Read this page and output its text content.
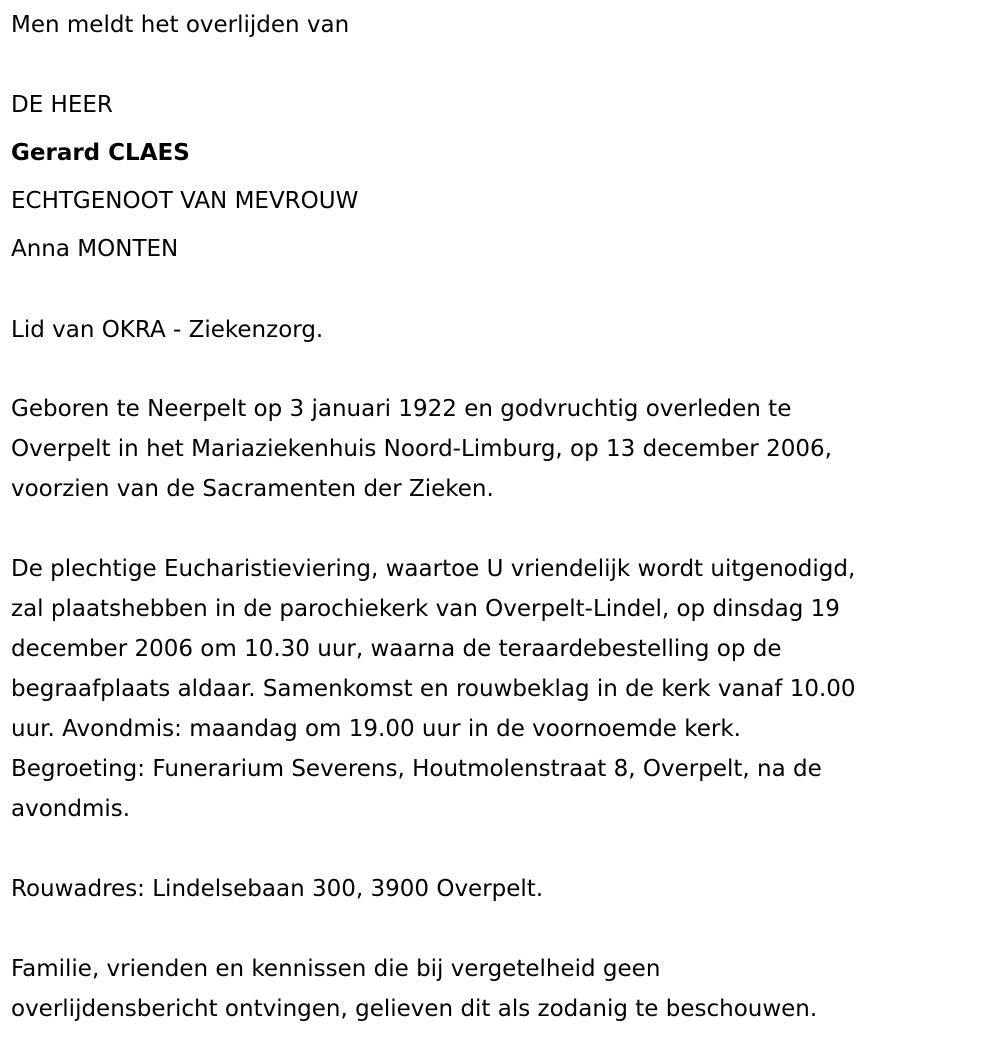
Men meldt het overlijden van
DE HEER
Gerard CLAES
ECHTGENOOT VAN MEVROUW
Anna MONTEN
Lid van OKRA - Ziekenzorg.
Geboren te Neerpelt op 3 januari 1922 en godvruchtig overleden te
Overpelt in het Mariaziekenhuis Noord-Limburg, op 13 december 2006,
voorzien van de Sacramenten der Zieken.
De plechtige Eucharistieviering, waartoe U vriendelijk wordt uitgenodigd,
zal plaatshebben in de parochiekerk van Overpelt-Lindel, op dinsdag 19
december 2006 om 10.30 uur, waarna de teraardebestelling op de
begraafplaats aldaar. Samenkomst en rouwbeklag in de kerk vanaf 10.00
uur. Avondmis: maandag om 19.00 uur in de voornoemde kerk.
Begroeting: Funerarium Severens, Houtmolenstraat 8, Overpelt, na de
avondmis.
Rouwadres: Lindelsebaan 300, 3900 Overpelt.
Familie, vrienden en kennissen die bij vergetelheid geen
overlijdensbericht ontvingen, gelieven dit als zodanig te beschouwen.
